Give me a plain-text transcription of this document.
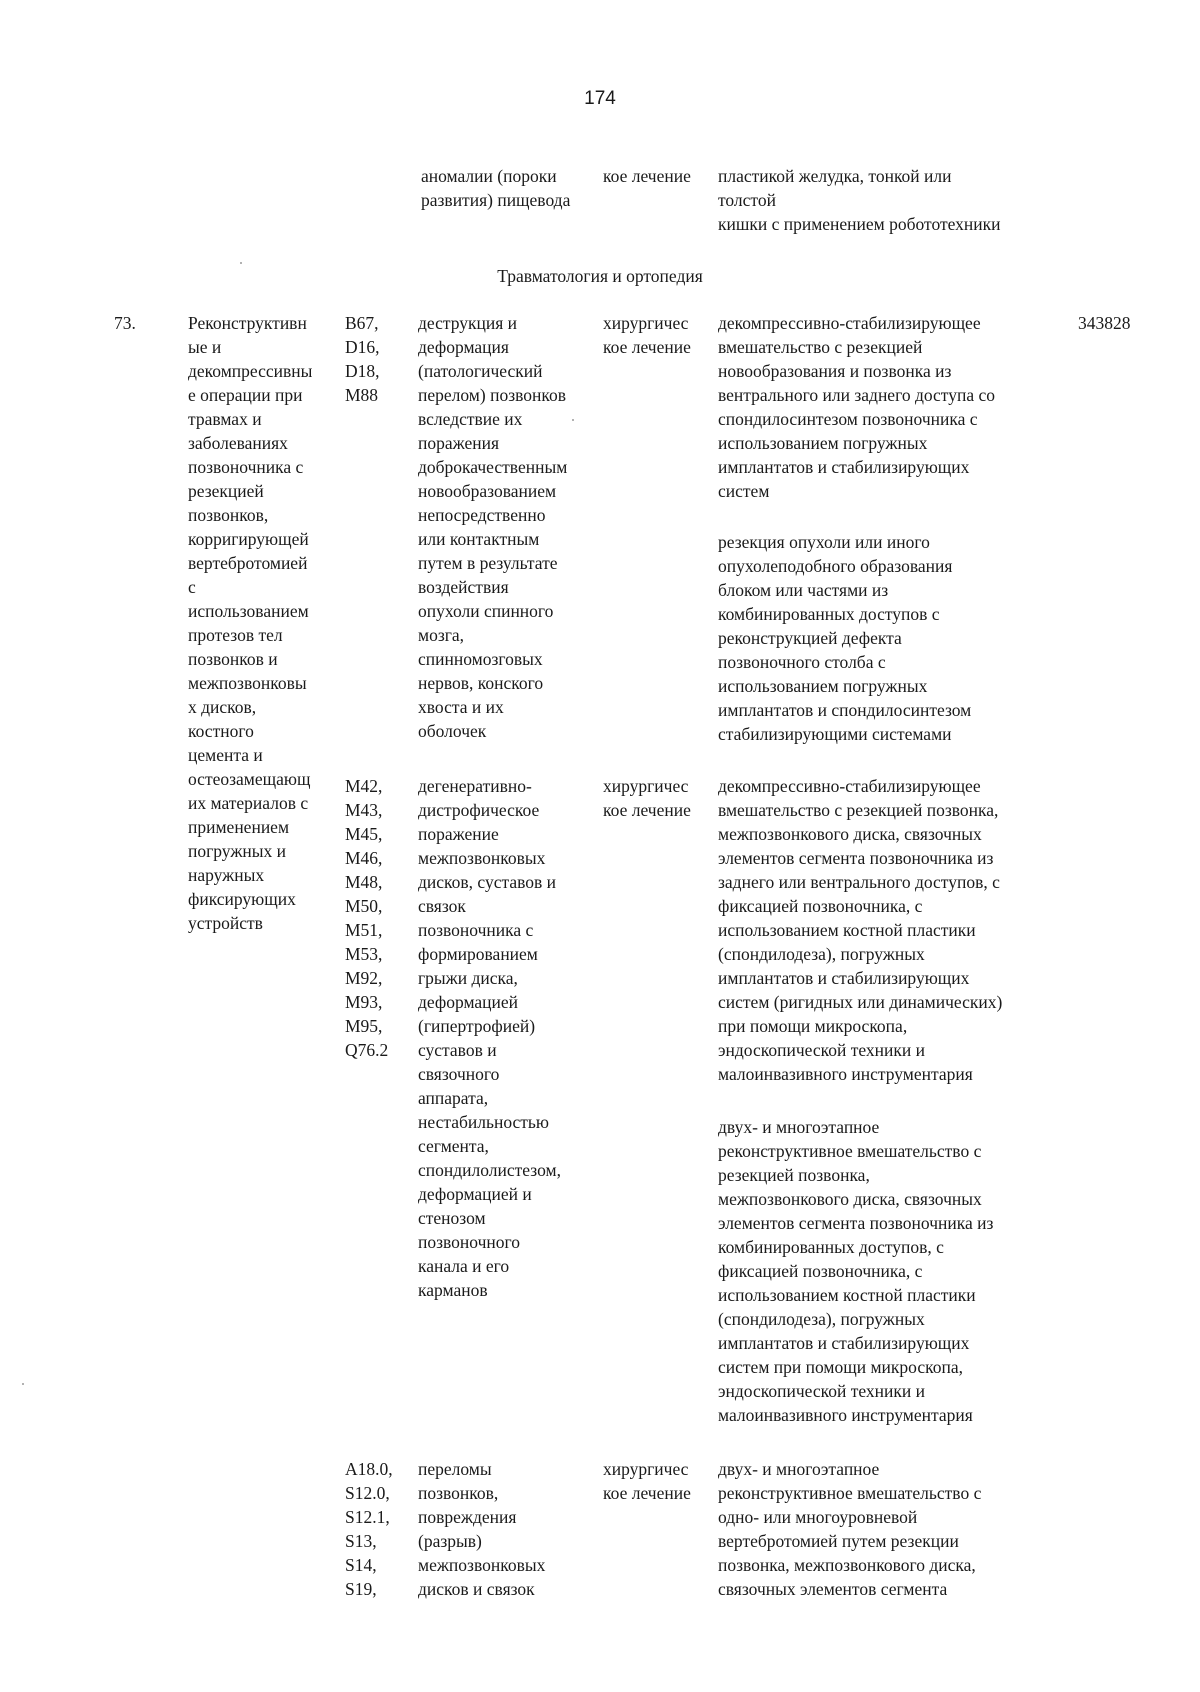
174
аномалии (пороки
развития) пищевода
кое лечение пластикой желудка, тонкой или
толстой
кишки с применением робототехники
Травматология и ортопедия
73.	Реконструктивн
ые и
декомпрессивны
е операции при
травмах и
заболеваниях
позвоночника с
резекцией
позвонков,
корригирующей
вертебротомией
с
использованием
протезов тел
позвонков и
межпозвонковы
х дисков,
костного
цемента и
остеозамещающ
их материалов с
применением
погружных и
наружных
фиксирующих
устройств
343828
B67,
D16,
D18,
M88
деструкция и
деформация
(патологический
перелом) позвонков
вследствие их
поражения
доброкачественным
новообразованием
непосредственно
или контактным
путем в результате
воздействия
опухоли спинного
мозга,
спинномозговых
нервов, конского
хвоста и их
оболочек
хирургичес
кое лечение
декомпрессивно-стабилизирующее
вмешательство с резекцией
новообразования и позвонка из
вентрального или заднего доступа со
спондилосинтезом позвоночника с
использованием погружных
имплантатов и стабилизирующих
систем
резекция опухоли или иного
опухолеподобного образования
блоком или частями из
комбинированных доступов с
реконструкцией дефекта
позвоночного столба с
использованием погружных
имплантатов и спондилосинтезом
стабилизирующими системами
M42,
M43,
M45,
M46,
M48,
M50,
M51,
M53,
M92,
M93,
M95,
Q76.2
дегенеративно-
дистрофическое
поражение
межпозвонковых
дисков, суставов и
связок
позвоночника с
формированием
грыжи диска,
деформацией
(гипертрофией)
суставов и
связочного
аппарата,
нестабильностью
сегмента,
спондилолистезом,
деформацией и
стенозом
позвоночного
канала и его
карманов
хирургичес
кое лечение
декомпрессивно-стабилизирующее
вмешательство с резекцией позвонка,
межпозвонкового диска, связочных
элементов сегмента позвоночника из
заднего или вентрального доступов, с
фиксацией позвоночника, с
использованием костной пластики
(спондилодеза), погружных
имплантатов и стабилизирующих
систем (ригидных или динамических)
при помощи микроскопа,
эндоскопической техники и
малоинвазивного инструментария
двух- и многоэтапное
реконструктивное вмешательство с
резекцией позвонка,
межпозвонкового диска, связочных
элементов сегмента позвоночника из
комбинированных доступов, с
фиксацией позвоночника, с
использованием костной пластики
(спондилодеза), погружных
имплантатов и стабилизирующих
систем при помощи микроскопа,
эндоскопической техники и
малоинвазивного инструментария
A18.0,
S12.0,
S12.1,
S13,
S14,
S19,
переломы
позвонков,
повреждения
(разрыв)
межпозвонковых
дисков и связок
хирургичес
кое лечение
двух- и многоэтапное
реконструктивное вмешательство с
одно- или многоуровневой
вертебротомией путем резекции
позвонка, межпозвонкового диска,
связочных элементов сегмента
